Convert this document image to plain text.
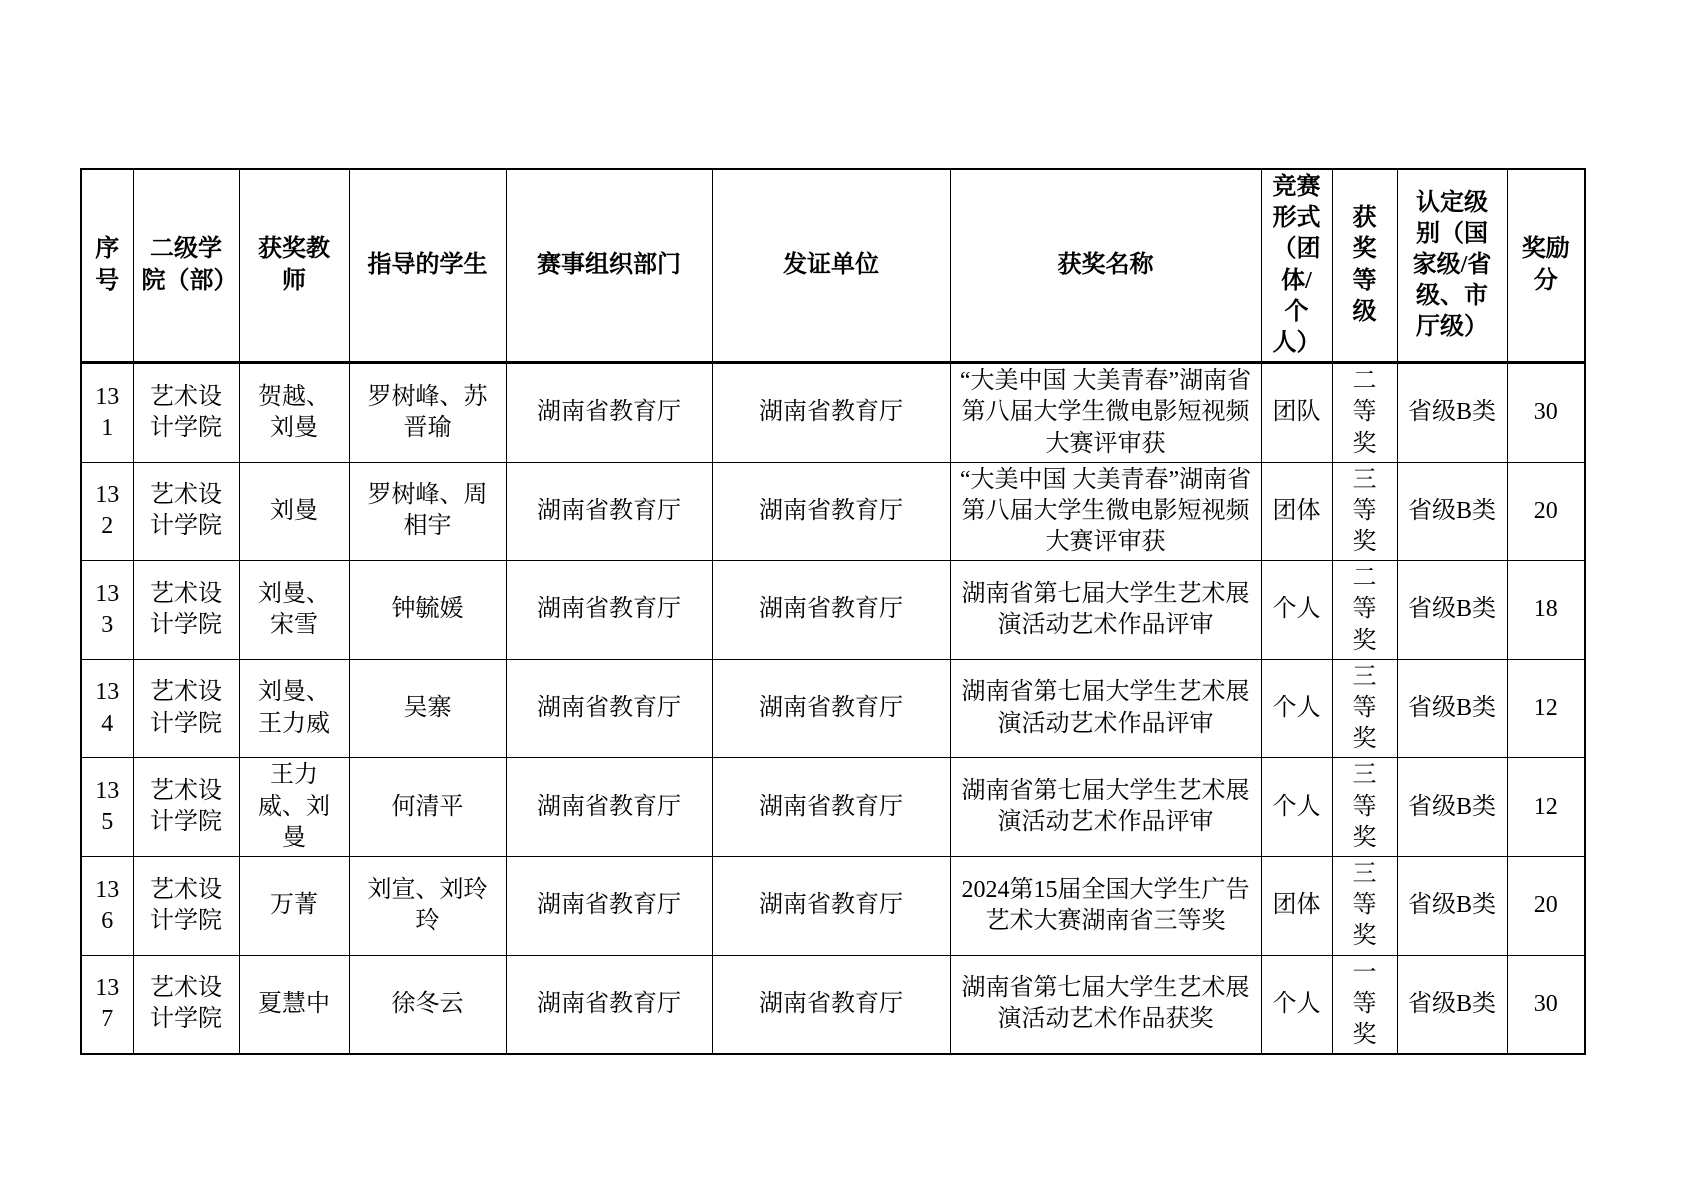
序号	二级学院（部）	获奖教师	指导的学生	赛事组织部门	发证单位	获奖名称	竞赛形式（团体/个人）	获奖等级	认定级别（国家级/省级、市厅级）	奖励分
131	艺术设计学院	贺越、刘曼	罗树峰、苏晋瑜	湖南省教育厅	湖南省教育厅	“大美中国 大美青春”湖南省第八届大学生微电影短视频大赛评审获	团队	二等奖	省级B类	30
132	艺术设计学院	刘曼	罗树峰、周相宇	湖南省教育厅	湖南省教育厅	“大美中国 大美青春”湖南省第八届大学生微电影短视频大赛评审获	团体	三等奖	省级B类	20
133	艺术设计学院	刘曼、宋雪	钟毓媛	湖南省教育厅	湖南省教育厅	湖南省第七届大学生艺术展演活动艺术作品评审	个人	二等奖	省级B类	18
134	艺术设计学院	刘曼、王力威	吴寨	湖南省教育厅	湖南省教育厅	湖南省第七届大学生艺术展演活动艺术作品评审	个人	三等奖	省级B类	12
135	艺术设计学院	王力威、刘曼	何清平	湖南省教育厅	湖南省教育厅	湖南省第七届大学生艺术展演活动艺术作品评审	个人	三等奖	省级B类	12
136	艺术设计学院	万菁	刘宣、刘玲玲	湖南省教育厅	湖南省教育厅	2024第15届全国大学生广告艺术大赛湖南省三等奖	团体	三等奖	省级B类	20
137	艺术设计学院	夏慧中	徐冬云	湖南省教育厅	湖南省教育厅	湖南省第七届大学生艺术展演活动艺术作品获奖	个人	一等奖	省级B类	30
